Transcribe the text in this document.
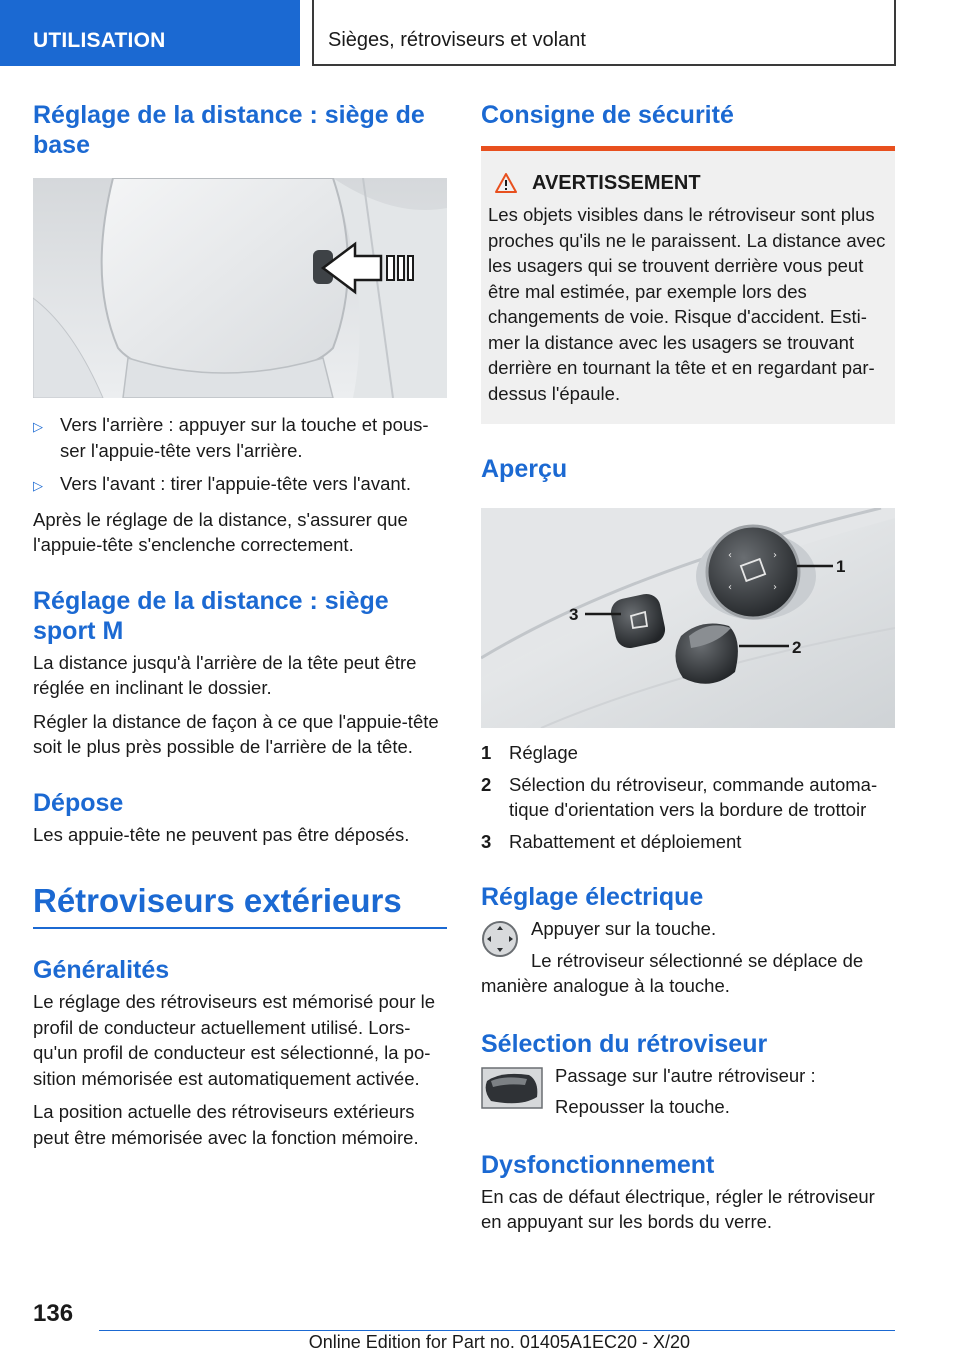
UTILISATION	Sièges, rétroviseurs et volant
Réglage de la distance : siège de base
▷ Vers l'arrière : appuyer sur la touche et pous-ser l'appuie-tête vers l'arrière.
▷ Vers l'avant : tirer l'appuie-tête vers l'avant.

Après le réglage de la distance, s'assurer que l'appuie-tête s'enclenche correctement.

Réglage de la distance : siège sport M

La distance jusqu'à l'arrière de la tête peut être réglée en inclinant le dossier.

Régler la distance de façon à ce que l'appuie-tête soit le plus près possible de l'arrière de la tête.

Dépose

Les appuie-tête ne peuvent pas être déposés.

Rétroviseurs extérieurs
Généralités

Le réglage des rétroviseurs est mémorisé pour le profil de conducteur actuellement utilisé. Lors-qu'un profil de conducteur est sélectionné, la po-sition mémorisée est automatiquement activée.

La position actuelle des rétroviseurs extérieurs peut être mémorisée avec la fonction mémoire.

Consigne de sécurité
AVERTISSEMENT

Les objets visibles dans le rétroviseur sont plus proches qu'ils ne le paraissent. La distance avec les usagers qui se trouvent derrière vous peut être mal estimée, par exemple lors des changements de voie. Risque d'accident. Esti-mer la distance avec les usagers se trouvant derrière en tournant la tête et en regardant par-dessus l'épaule.

Aperçu
‹	›
‹	›
1
2
3
1 Réglage
2 Sélection du rétroviseur, commande automa-tique d'orientation vers la bordure de trottoir
3 Rabattement et déploiement
Réglage électrique

Appuyer sur la touche.

Le rétroviseur sélectionné se déplace de manière analogue à la touche.

Sélection du rétroviseur

Passage sur l'autre rétroviseur :

Repousser la touche.

Dysfonctionnement

En cas de défaut électrique, régler le rétroviseur en appuyant sur les bords du verre.

136
Online Edition for Part no. 01405A1EC20 - X/20
